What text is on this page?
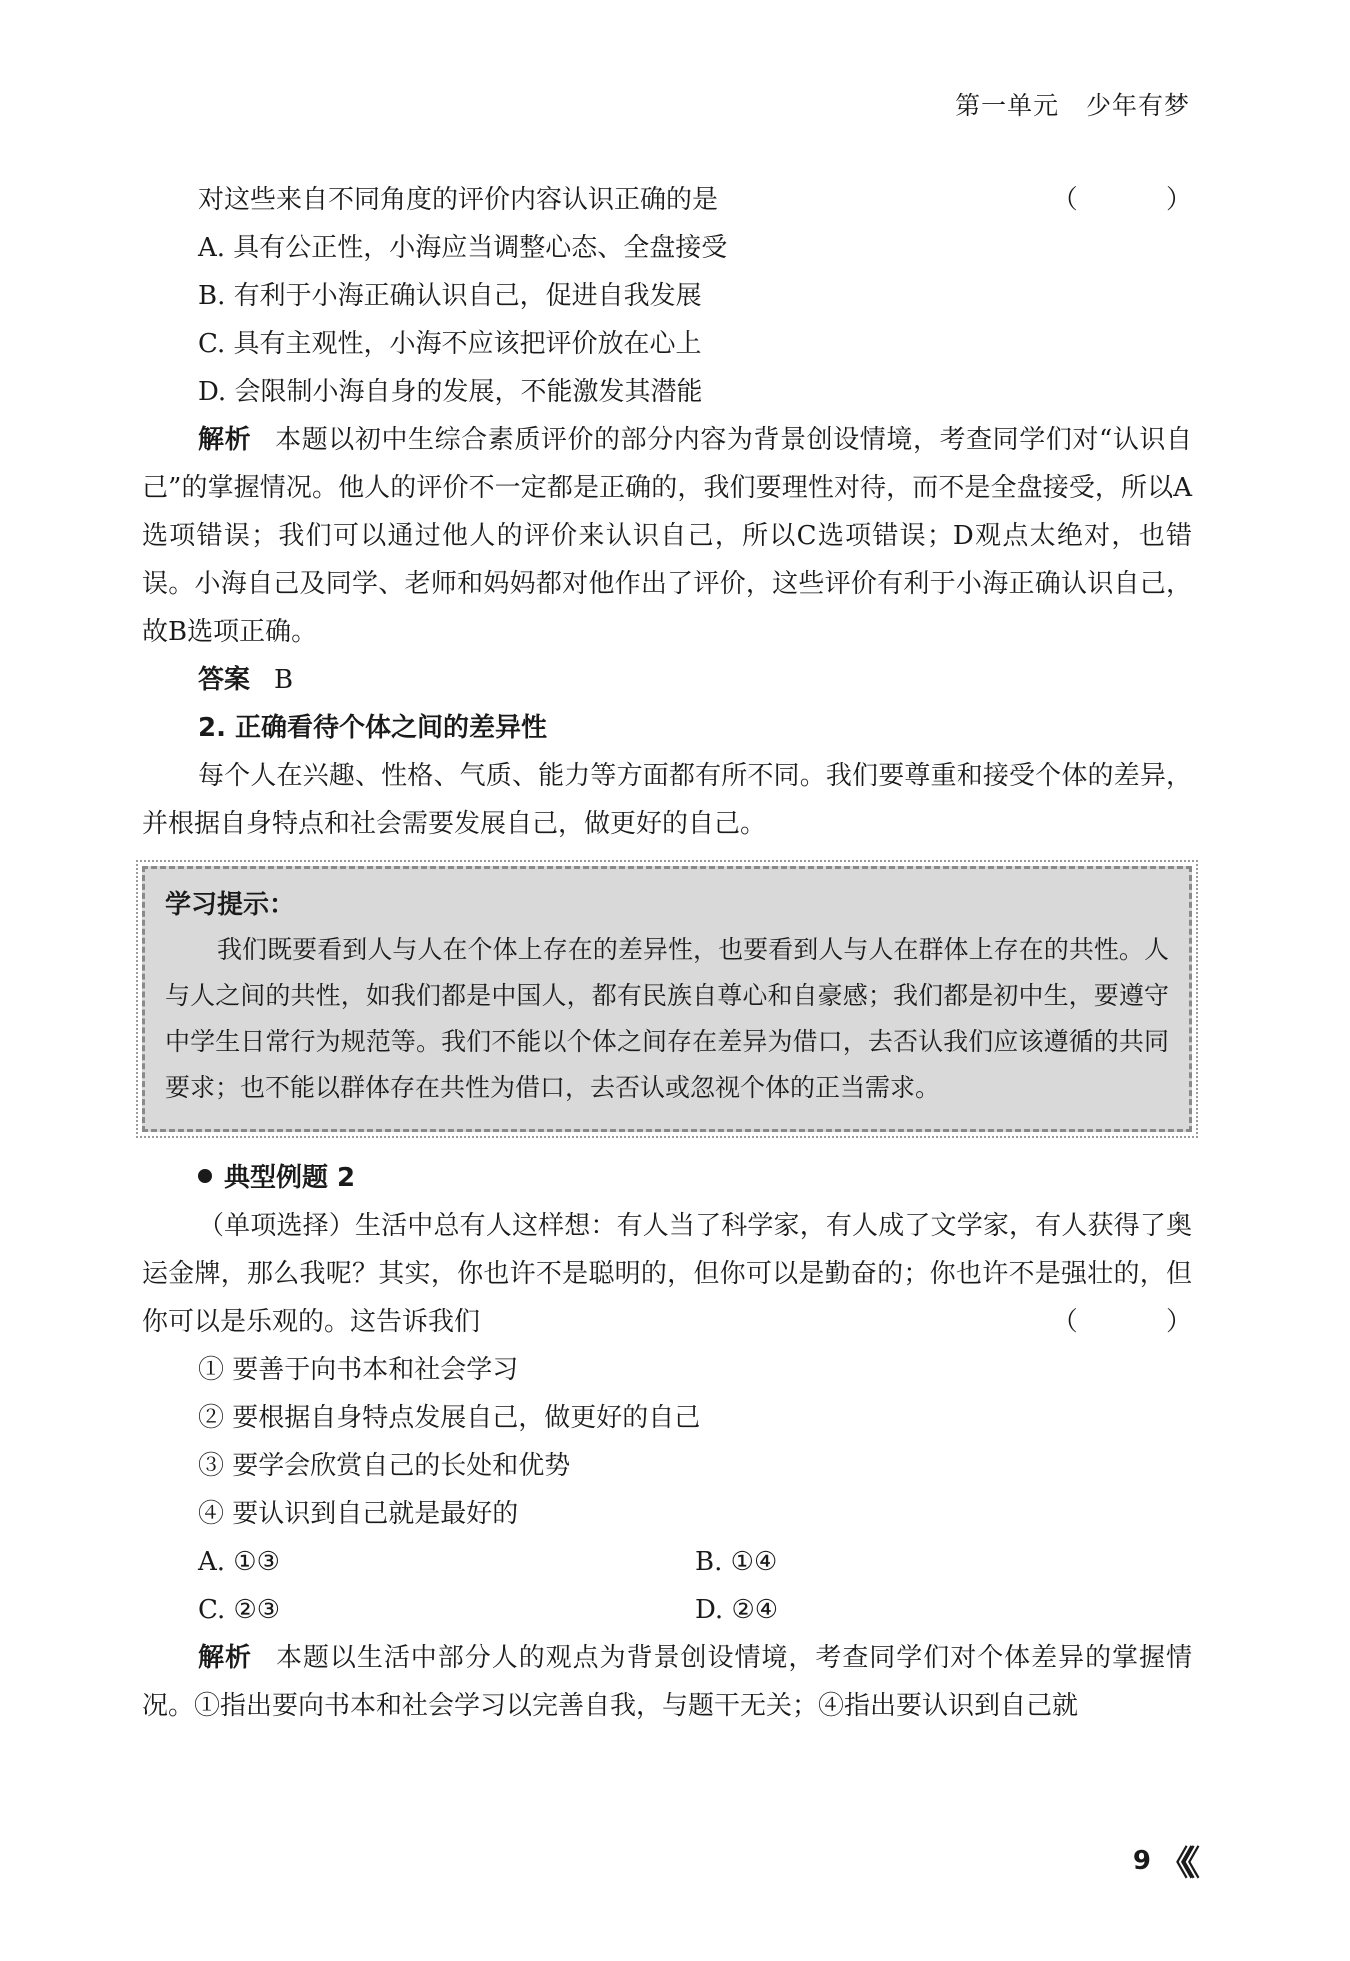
第一单元 少年有梦
对这些来自不同角度的评价内容认识正确的是	（ ）
A. 具有公正性，小海应当调整心态、全盘接受
B. 有利于小海正确认识自己，促进自我发展
C. 具有主观性，小海不应该把评价放在心上
D. 会限制小海自身的发展，不能激发其潜能
解析 本题以初中生综合素质评价的部分内容为背景创设情境，考查同学们对“认识自己”的掌握情况。他人的评价不一定都是正确的，我们要理性对待，而不是全盘接受，所以A选项错误；我们可以通过他人的评价来认识自己，所以C选项错误；D观点太绝对，也错误。小海自己及同学、老师和妈妈都对他作出了评价，这些评价有利于小海正确认识自己，故B选项正确。
答案 B
2. 正确看待个体之间的差异性
每个人在兴趣、性格、气质、能力等方面都有所不同。我们要尊重和接受个体的差异，并根据自身特点和社会需要发展自己，做更好的自己。
学习提示：
我们既要看到人与人在个体上存在的差异性，也要看到人与人在群体上存在的共性。人与人之间的共性，如我们都是中国人，都有民族自尊心和自豪感；我们都是初中生，要遵守中学生日常行为规范等。我们不能以个体之间存在差异为借口，去否认我们应该遵循的共同要求；也不能以群体存在共性为借口，去否认或忽视个体的正当需求。
典型例题 2
（单项选择）生活中总有人这样想：有人当了科学家，有人成了文学家，有人获得了奥运金牌，那么我呢？其实，你也许不是聪明的，但你可以是勤奋的；你也许不是强壮的，但你可以是乐观的。这告诉我们	（ ）
① 要善于向书本和社会学习
② 要根据自身特点发展自己，做更好的自己
③ 要学会欣赏自己的长处和优势
④ 要认识到自己就是最好的
A. ①③	B. ①④
C. ②③	D. ②④
解析 本题以生活中部分人的观点为背景创设情境，考查同学们对个体差异的掌握情况。①指出要向书本和社会学习以完善自我，与题干无关；④指出要认识到自己就
9 《《
